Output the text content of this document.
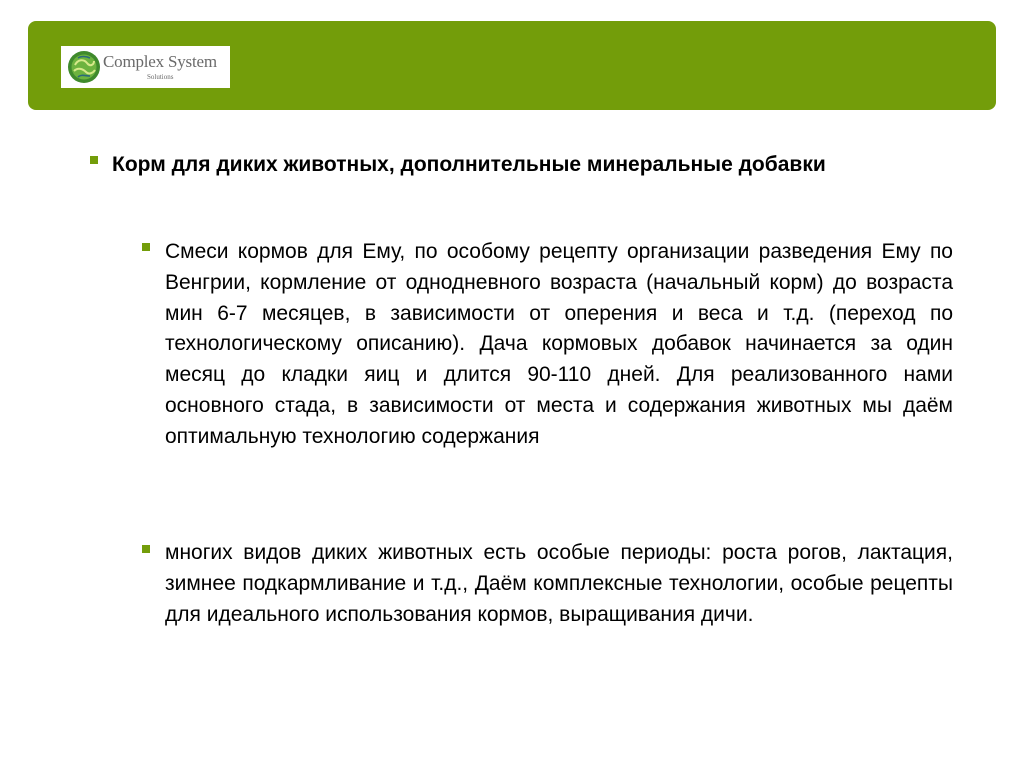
Complex System
Solutions

Корм для диких животных, дополнительные минеральные добавки

Смеси кормов для Ему, по особому рецепту организации разведения Ему по Венгрии, кормление от однодневного возраста (начальный корм) до возраста мин 6-7 месяцев, в зависимости от оперения и веса и т.д. (переход по технологическому описанию). Дача кормовых добавок начинается за один месяц до кладки яиц и длится 90-110 дней. Для реализованного нами основного стада, в зависимости от места и содержания животных мы даём оптимальную технологию содержания

многих видов диких животных есть особые периоды: роста рогов, лактация, зимнее подкармливание и т.д., Даём комплексные технологии, особые рецепты для идеального использования кормов, выращивания дичи.
